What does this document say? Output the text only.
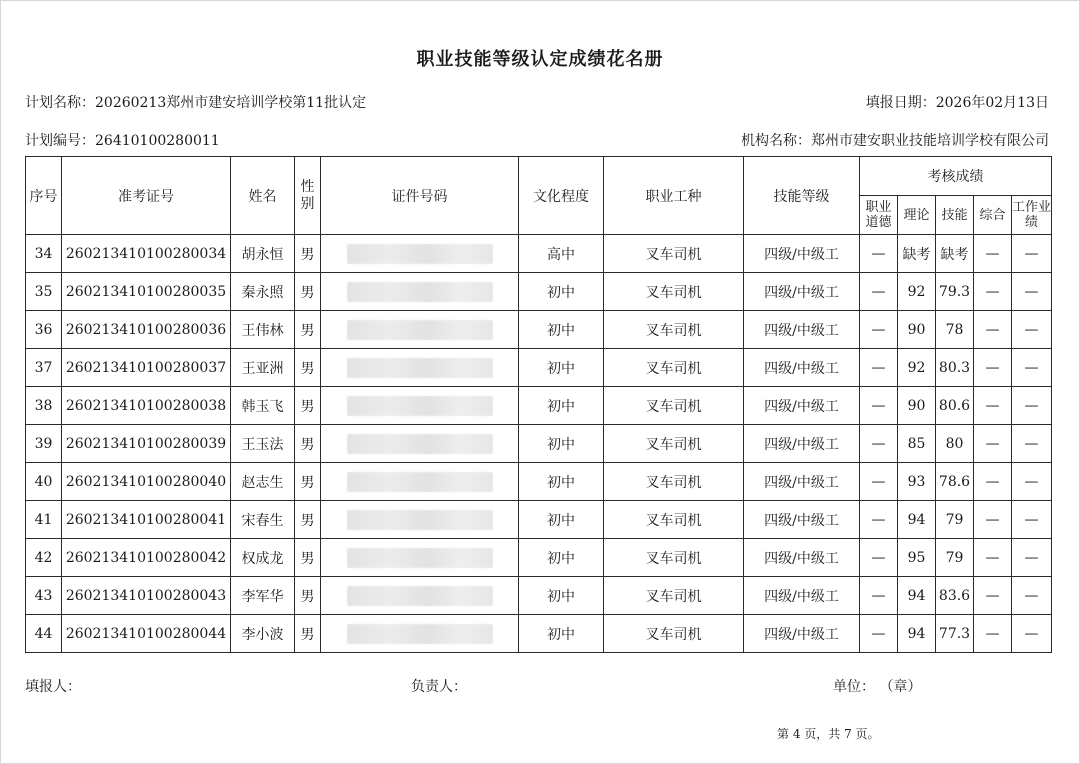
职业技能等级认定成绩花名册
计划名称：20260213郑州市建安培训学校第11批认定	填报日期：2026年02月13日
计划编号：26410100280011	机构名称：郑州市建安职业技能培训学校有限公司
序号	准考证号	姓名	性别	证件号码	文化程度	职业工种	技能等级	考核成绩				
								职业道德	理论	技能	综合	工作业绩
34	260213410100280034	胡永恒	男		高中	叉车司机	四级/中级工	—	缺考	缺考	—	—
35	260213410100280035	秦永照	男		初中	叉车司机	四级/中级工	—	92	79.3	—	—
36	260213410100280036	王伟林	男		初中	叉车司机	四级/中级工	—	90	78	—	—
37	260213410100280037	王亚洲	男		初中	叉车司机	四级/中级工	—	92	80.3	—	—
38	260213410100280038	韩玉飞	男		初中	叉车司机	四级/中级工	—	90	80.6	—	—
39	260213410100280039	王玉法	男		初中	叉车司机	四级/中级工	—	85	80	—	—
40	260213410100280040	赵志生	男		初中	叉车司机	四级/中级工	—	93	78.6	—	—
41	260213410100280041	宋春生	男		初中	叉车司机	四级/中级工	—	94	79	—	—
42	260213410100280042	权成龙	男		初中	叉车司机	四级/中级工	—	95	79	—	—
43	260213410100280043	李军华	男		初中	叉车司机	四级/中级工	—	94	83.6	—	—
44	260213410100280044	李小波	男		初中	叉车司机	四级/中级工	—	94	77.3	—	—
填报人：	负责人：	单位： （章）
第 4 页，共 7 页。
